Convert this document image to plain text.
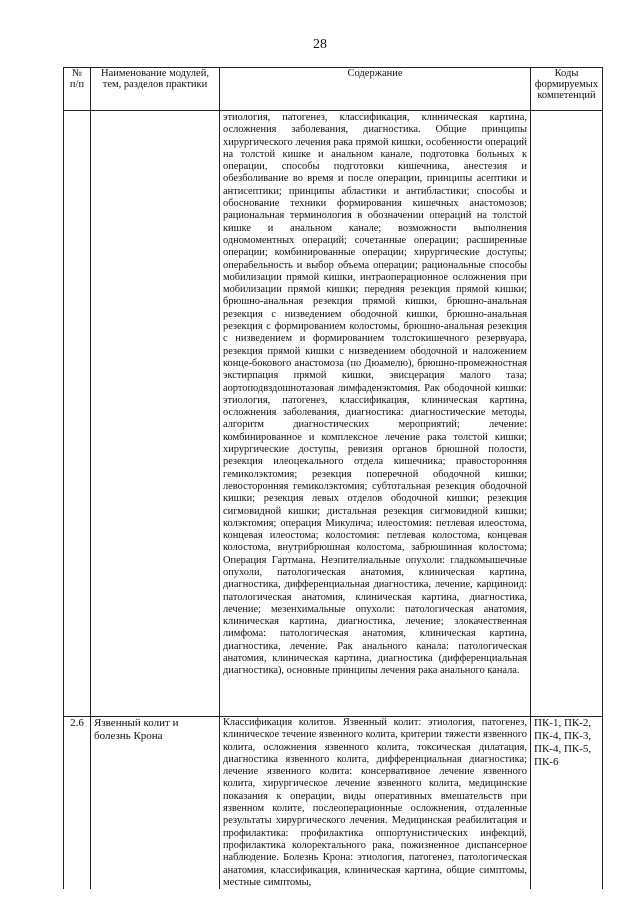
28
№ п/п	Наименование модулей, тем, разделов практики	Содержание	Коды формируемых компетенций
		этиология, патогенез, классификация, клиническая картина, осложнения заболевания, диагностика. Общие принципы хирургического лечения рака прямой кишки, особенности операций на толстой кишке и анальном канале, подготовка больных к операции, способы подготовки кишечника, анестезия и обезболивание во время и после операции, принципы асептики и антисептики; принципы абластики и антибластики; способы и обоснование техники формирования кишечных анастомозов; рациональная терминология в обозначении операций на толстой кишке и анальном канале; возможности выполнения одномоментных операций; сочетанные операции; расширенные операции; комбинированные операции; хирургические доступы; операбельность и выбор объема операции; рациональные способы мобилизации прямой кишки, интраоперационное осложнения при мобилизации прямой кишки; передняя резекция прямой кишки; брюшно-анальная резекция прямой кишки, брюшно-анальная резекция с низведением ободочной кишки, брюшно-анальная резекция с формированием колостомы, брюшно-анальная резекция с низведением и формированием толстокишечного резервуара, резекция прямой кишки с низведением ободочной и наложением конце-бокового анастомоза (по Дюамелю), брюшно-промежностная экстирпация прямой кишки, эвисцерация малого таза; аортоподвздошнотазовая лимфаденэктомия. Рак ободочной кишки: этиология, патогенез, классификация, клиническая картина, осложнения заболевания, диагностика: диагностические методы, алгоритм диагностических мероприятий; лечение: комбинированное и комплексное лечение рака толстой кишки; хирургические доступы, ревизия органов брюшной полости, резекция илеоцекального отдела кишечника; правосторонняя гемиколэктомия; резекция поперечной ободочной кишки; левосторонняя гемиколэктомия; субтотальная резекция ободочной кишки; резекция левых отделов ободочной кишки; резекция сигмовидной кишки; дистальная резекция сигмовидной кишки; колэктомия; операция Микулича; илеостомия: петлевая илеостома, концевая илеостома; колостомия: петлевая колостома, концевая колостома, внутрибрюшная колостома, забрюшинная колостома; Операция Гартмана. Неэпителиальные опухоли: гладкомышечные опухоли, патологическая анатомия, клиническая картина, диагностика, дифференциальная диагностика, лечение, карциноид: патологическая анатомия, клиническая картина, диагностика, лечение; мезенхимальные опухоли: патологическая анатомия, клиническая картина, диагностика, лечение; злокачественная лимфома: патологическая анатомия, клиническая картина, диагностика, лечение. Рак анального канала: патологическая анатомия, клиническая картина, диагностика (дифференциальная диагностика), основные принципы лечения рака анального канала.	
2.6	Язвенный колит и болезнь Крона	Классификация колитов. Язвенный колит: этиология, патогенез, клиническое течение язвенного колита, критерии тяжести язвенного колита, осложнения язвенного колита, токсическая дилатация, диагностика язвенного колита, дифференциальная диагностика; лечение язвенного колита: консервативное лечение язвенного колита, хирургическое лечение язвенного колита, медицинские показания к операции, виды оперативных вмешательств при язвенном колите, послеоперационные осложнения, отдаленные результаты хирургического лечения. Медицинская реабилитация и профилактика: профилактика оппортунистических инфекций, профилактика колоректального рака, пожизненное диспансерное наблюдение. Болезнь Крона: этиология, патогенез, патологическая анатомия, классификация, клиническая картина, общие симптомы, местные симптомы,	ПК-1, ПК-2, ПК-4, ПК-3, ПК-4, ПК-5, ПК-6
